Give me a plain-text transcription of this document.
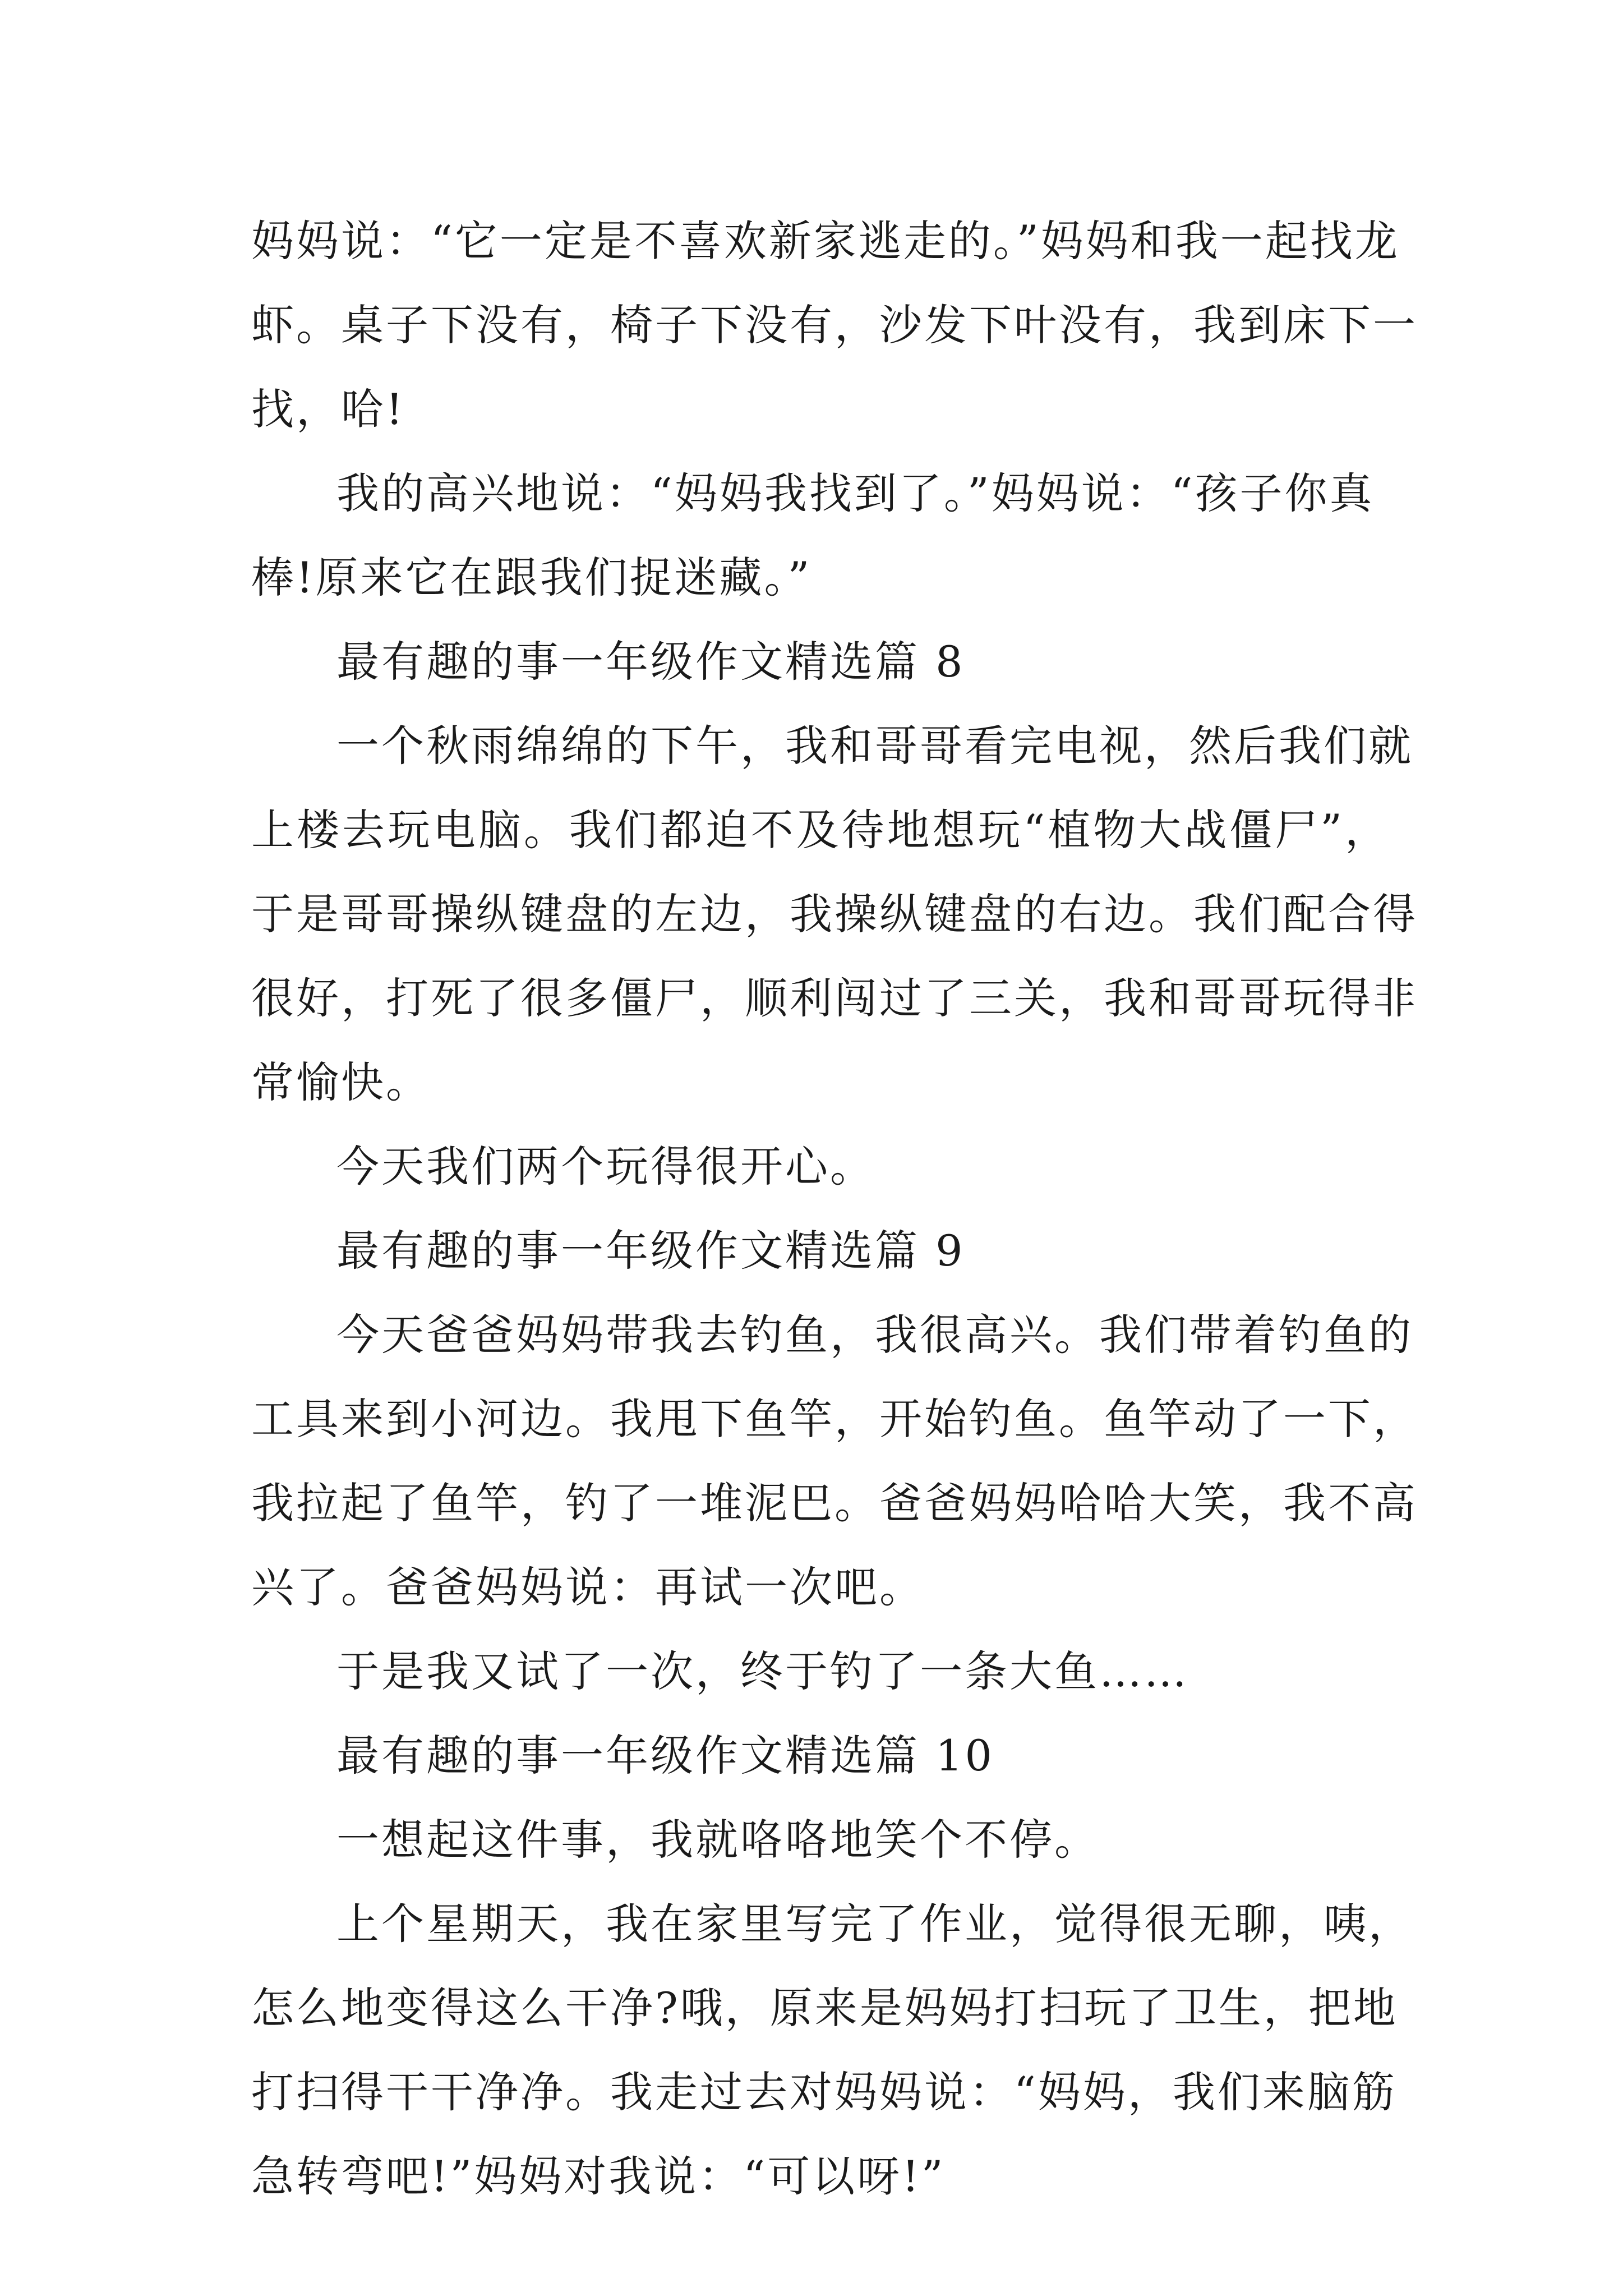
妈妈说：“它一定是不喜欢新家逃走的。”妈妈和我一起找龙
虾。桌子下没有，椅子下没有，沙发下叶没有，我到床下一
找，哈!
我的高兴地说：“妈妈我找到了。”妈妈说：“孩子你真
棒!原来它在跟我们捉迷藏。”
最有趣的事一年级作文精选篇 8
一个秋雨绵绵的下午，我和哥哥看完电视，然后我们就
上楼去玩电脑。我们都迫不及待地想玩“植物大战僵尸”，
于是哥哥操纵键盘的左边，我操纵键盘的右边。我们配合得
很好，打死了很多僵尸，顺利闯过了三关，我和哥哥玩得非
常愉快。
今天我们两个玩得很开心。
最有趣的事一年级作文精选篇 9
今天爸爸妈妈带我去钓鱼，我很高兴。我们带着钓鱼的
工具来到小河边。我甩下鱼竿，开始钓鱼。鱼竿动了一下，
我拉起了鱼竿，钓了一堆泥巴。爸爸妈妈哈哈大笑，我不高
兴了。爸爸妈妈说：再试一次吧。
于是我又试了一次，终于钓了一条大鱼……
最有趣的事一年级作文精选篇 10
一想起这件事，我就咯咯地笑个不停。
上个星期天，我在家里写完了作业，觉得很无聊，咦，
怎么地变得这么干净?哦，原来是妈妈打扫玩了卫生，把地
打扫得干干净净。我走过去对妈妈说：“妈妈，我们来脑筋
急转弯吧!”妈妈对我说：“可以呀!”
